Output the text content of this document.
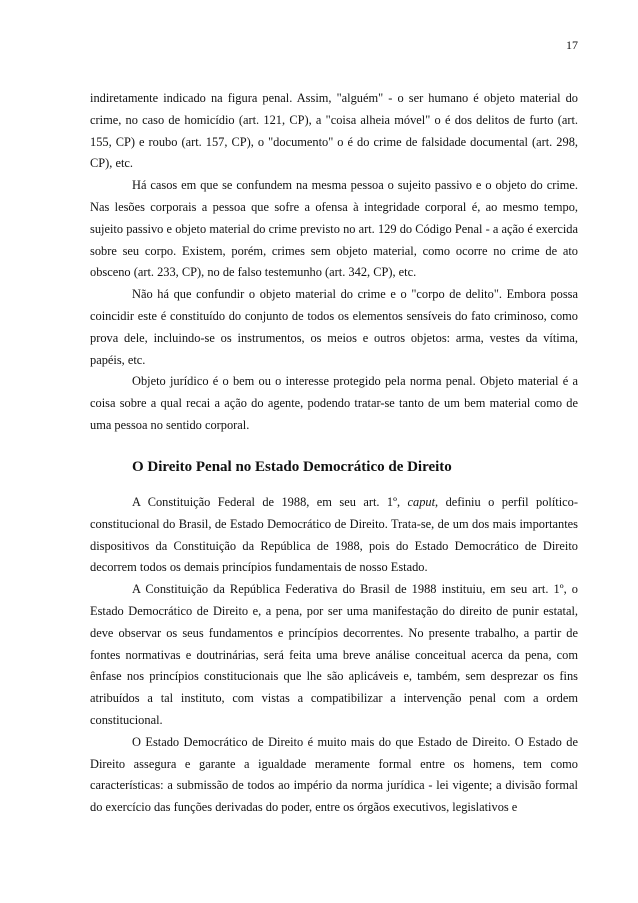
17

indiretamente indicado na figura penal. Assim, "alguém" - o ser humano é objeto material do crime, no caso de homicídio (art. 121, CP), a "coisa alheia móvel" o é dos delitos de furto (art. 155, CP) e roubo (art. 157, CP), o "documento" o é do crime de falsidade documental (art. 298, CP), etc.

Há casos em que se confundem na mesma pessoa o sujeito passivo e o objeto do crime. Nas lesões corporais a pessoa que sofre a ofensa à integridade corporal é, ao mesmo tempo, sujeito passivo e objeto material do crime previsto no art. 129 do Código Penal - a ação é exercida sobre seu corpo. Existem, porém, crimes sem objeto material, como ocorre no crime de ato obsceno (art. 233, CP), no de falso testemunho (art. 342, CP), etc.

Não há que confundir o objeto material do crime e o "corpo de delito". Embora possa coincidir este é constituído do conjunto de todos os elementos sensíveis do fato criminoso, como prova dele, incluindo-se os instrumentos, os meios e outros objetos: arma, vestes da vítima, papéis, etc.

Objeto jurídico é o bem ou o interesse protegido pela norma penal. Objeto material é a coisa sobre a qual recai a ação do agente, podendo tratar-se tanto de um bem material como de uma pessoa no sentido corporal.

O Direito Penal no Estado Democrático de Direito

A Constituição Federal de 1988, em seu art. 1º, caput, definiu o perfil político-constitucional do Brasil, de Estado Democrático de Direito. Trata-se, de um dos mais importantes dispositivos da Constituição da República de 1988, pois do Estado Democrático de Direito decorrem todos os demais princípios fundamentais de nosso Estado.

A Constituição da República Federativa do Brasil de 1988 instituiu, em seu art. 1º, o Estado Democrático de Direito e, a pena, por ser uma manifestação do direito de punir estatal, deve observar os seus fundamentos e princípios decorrentes. No presente trabalho, a partir de fontes normativas e doutrinárias, será feita uma breve análise conceitual acerca da pena, com ênfase nos princípios constitucionais que lhe são aplicáveis e, também, sem desprezar os fins atribuídos a tal instituto, com vistas a compatibilizar a intervenção penal com a ordem constitucional.

O Estado Democrático de Direito é muito mais do que Estado de Direito. O Estado de Direito assegura e garante a igualdade meramente formal entre os homens, tem como características: a submissão de todos ao império da norma jurídica - lei vigente; a divisão formal do exercício das funções derivadas do poder, entre os órgãos executivos, legislativos e
